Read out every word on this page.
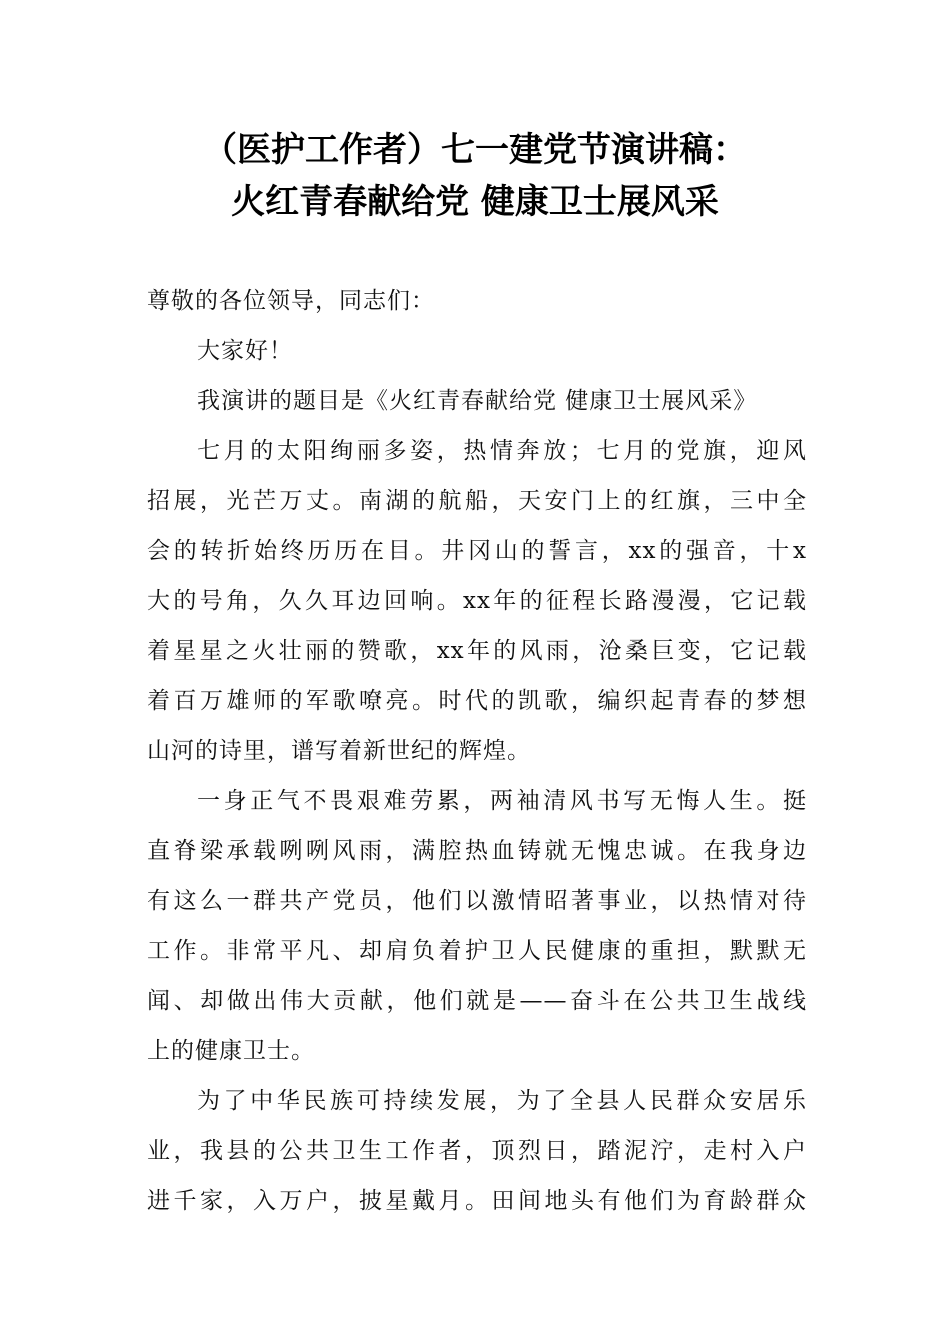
（医护工作者）七一建党节演讲稿：
火红青春献给党 健康卫士展风采

尊敬的各位领导，同志们：

大家好！

我演讲的题目是《火红青春献给党 健康卫士展风采》

七月的太阳绚丽多姿，热情奔放；七月的党旗，迎风
招展，光芒万丈。南湖的航船，天安门上的红旗，三中全
会的转折始终历历在目。井冈山的誓言，xx的强音，十x
大的号角，久久耳边回响。xx年的征程长路漫漫，它记载
着星星之火壮丽的赞歌，xx年的风雨，沧桑巨变，它记载
着百万雄师的军歌嘹亮。时代的凯歌，编织起青春的梦想
山河的诗里，谱写着新世纪的辉煌。

一身正气不畏艰难劳累，两袖清风书写无悔人生。挺
直脊梁承载咧咧风雨，满腔热血铸就无愧忠诚。在我身边
有这么一群共产党员，他们以激情昭著事业，以热情对待
工作。非常平凡、却肩负着护卫人民健康的重担，默默无
闻、却做出伟大贡献，他们就是——奋斗在公共卫生战线
上的健康卫士。

为了中华民族可持续发展，为了全县人民群众安居乐
业，我县的公共卫生工作者，顶烈日，踏泥泞，走村入户
进千家，入万户，披星戴月。田间地头有他们为育龄群众
